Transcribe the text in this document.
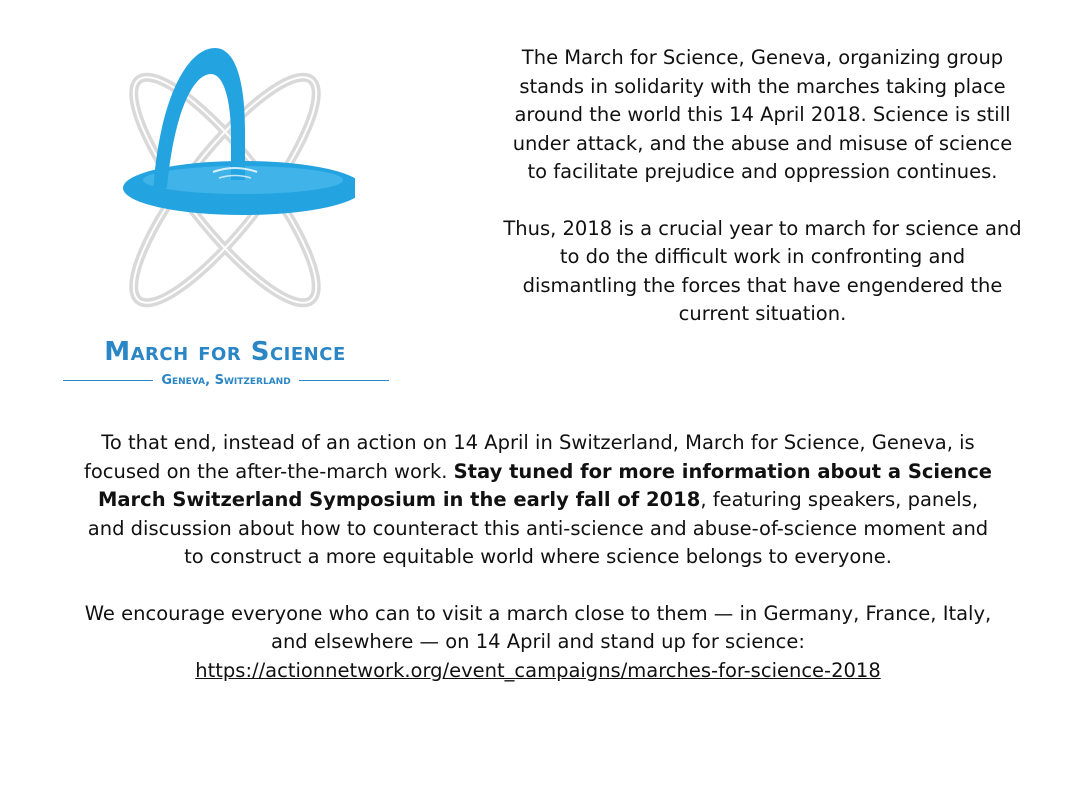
March for Science
Geneva, Switzerland

The March for Science, Geneva, organizing group stands in solidarity with the marches taking place around the world this 14 April 2018. Science is still under attack, and the abuse and misuse of science to facilitate prejudice and oppression continues.

Thus, 2018 is a crucial year to march for science and to do the difficult work in confronting and dismantling the forces that have engendered the current situation.

To that end, instead of an action on 14 April in Switzerland, March for Science, Geneva, is focused on the after-the-march work. Stay tuned for more information about a Science March Switzerland Symposium in the early fall of 2018, featuring speakers, panels, and discussion about how to counteract this anti-science and abuse-of-science moment and to construct a more equitable world where science belongs to everyone.

We encourage everyone who can to visit a march close to them — in Germany, France, Italy, and elsewhere — on 14 April and stand up for science:
https://actionnetwork.org/event_campaigns/marches-for-science-2018
